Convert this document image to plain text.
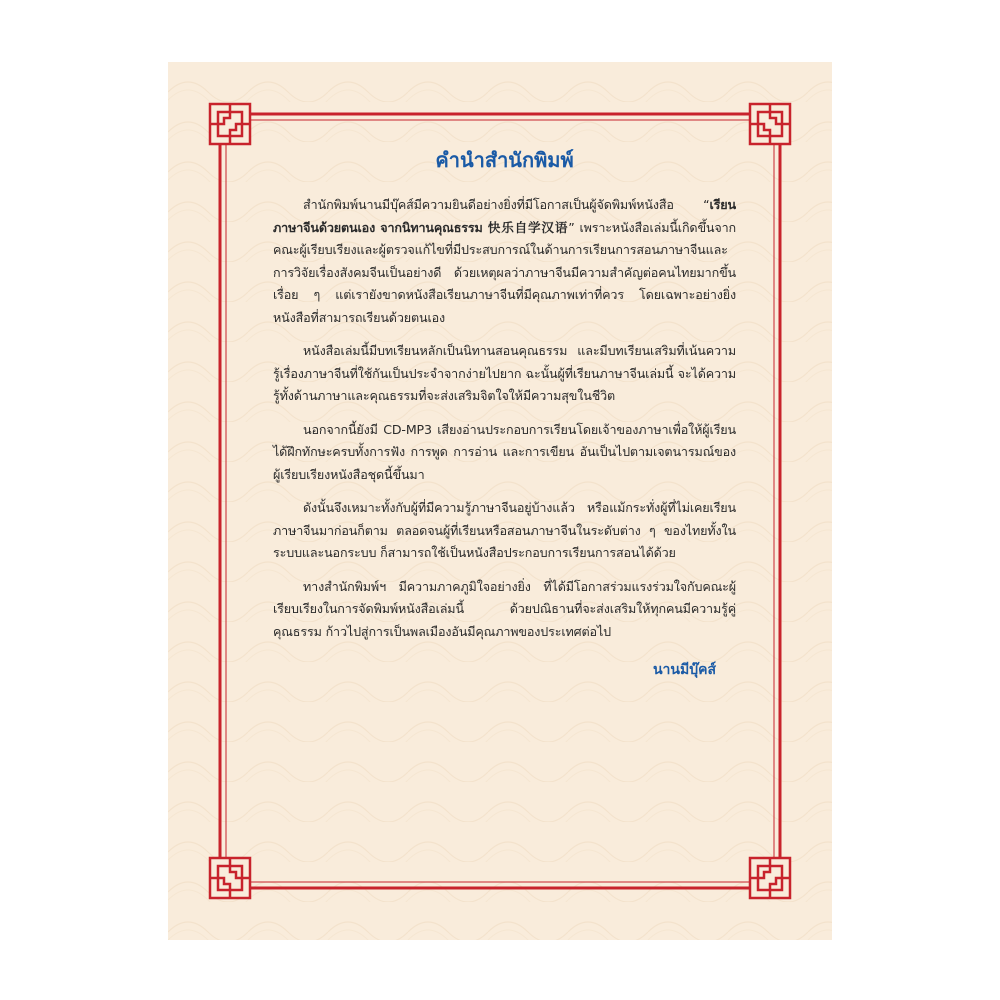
คำนำสำนักพิมพ์

สำนักพิมพ์นานมีบุ๊คส์มีความยินดีอย่างยิ่งที่มีโอกาสเป็นผู้จัดพิมพ์หนังสือ “เรียนภาษาจีนด้วยตนเอง จากนิทานคุณธรรม 快乐自学汉语” เพราะหนังสือเล่มนี้เกิดขึ้นจากคณะผู้เรียบเรียงและผู้ตรวจแก้ไขที่มีประสบการณ์ในด้านการเรียนการสอนภาษาจีนและการวิจัยเรื่องสังคมจีนเป็นอย่างดี ด้วยเหตุผลว่าภาษาจีนมีความสำคัญต่อคนไทยมากขึ้นเรื่อย ๆ แต่เรายังขาดหนังสือเรียนภาษาจีนที่มีคุณภาพเท่าที่ควร โดยเฉพาะอย่างยิ่งหนังสือที่สามารถเรียนด้วยตนเอง

หนังสือเล่มนี้มีบทเรียนหลักเป็นนิทานสอนคุณธรรม และมีบทเรียนเสริมที่เน้นความรู้เรื่องภาษาจีนที่ใช้กันเป็นประจำจากง่ายไปยาก ฉะนั้นผู้ที่เรียนภาษาจีนเล่มนี้ จะได้ความรู้ทั้งด้านภาษาและคุณธรรมที่จะส่งเสริมจิตใจให้มีความสุขในชีวิต

นอกจากนี้ยังมี CD-MP3 เสียงอ่านประกอบการเรียนโดยเจ้าของภาษาเพื่อให้ผู้เรียนได้ฝึกทักษะครบทั้งการฟัง การพูด การอ่าน และการเขียน อันเป็นไปตามเจตนารมณ์ของผู้เรียบเรียงหนังสือชุดนี้ขึ้นมา

ดังนั้นจึงเหมาะทั้งกับผู้ที่มีความรู้ภาษาจีนอยู่บ้างแล้ว หรือแม้กระทั่งผู้ที่ไม่เคยเรียนภาษาจีนมาก่อนก็ตาม ตลอดจนผู้ที่เรียนหรือสอนภาษาจีนในระดับต่าง ๆ ของไทยทั้งในระบบและนอกระบบ ก็สามารถใช้เป็นหนังสือประกอบการเรียนการสอนได้ด้วย

ทางสำนักพิมพ์ฯ มีความภาคภูมิใจอย่างยิ่ง ที่ได้มีโอกาสร่วมแรงร่วมใจกับคณะผู้เรียบเรียงในการจัดพิมพ์หนังสือเล่มนี้ ด้วยปณิธานที่จะส่งเสริมให้ทุกคนมีความรู้คู่คุณธรรม ก้าวไปสู่การเป็นพลเมืองอันมีคุณภาพของประเทศต่อไป

นานมีบุ๊คส์
